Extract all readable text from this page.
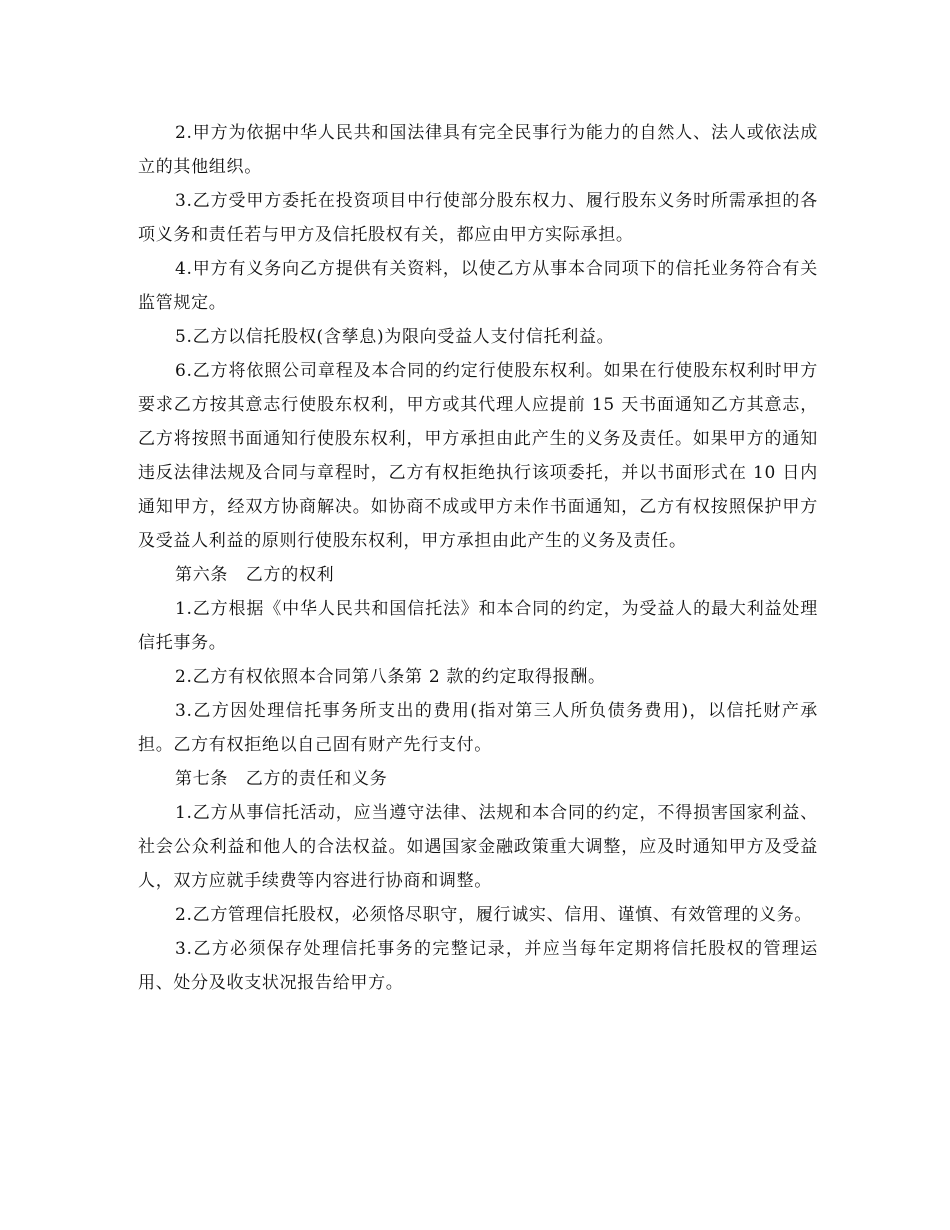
2.甲方为依据中华人民共和国法律具有完全民事行为能力的自然人、法人或依法成立的其他组织。

3.乙方受甲方委托在投资项目中行使部分股东权力、履行股东义务时所需承担的各项义务和责任若与甲方及信托股权有关，都应由甲方实际承担。

4.甲方有义务向乙方提供有关资料，以使乙方从事本合同项下的信托业务符合有关监管规定。

5.乙方以信托股权(含孳息)为限向受益人支付信托利益。

6.乙方将依照公司章程及本合同的约定行使股东权利。如果在行使股东权利时甲方要求乙方按其意志行使股东权利，甲方或其代理人应提前 15 天书面通知乙方其意志，乙方将按照书面通知行使股东权利，甲方承担由此产生的义务及责任。如果甲方的通知违反法律法规及合同与章程时，乙方有权拒绝执行该项委托，并以书面形式在 10 日内通知甲方，经双方协商解决。如协商不成或甲方未作书面通知，乙方有权按照保护甲方及受益人利益的原则行使股东权利，甲方承担由此产生的义务及责任。

第六条　乙方的权利

1.乙方根据《中华人民共和国信托法》和本合同的约定，为受益人的最大利益处理信托事务。

2.乙方有权依照本合同第八条第 2 款的约定取得报酬。

3.乙方因处理信托事务所支出的费用(指对第三人所负债务费用)，以信托财产承担。乙方有权拒绝以自己固有财产先行支付。

第七条　乙方的责任和义务

1.乙方从事信托活动，应当遵守法律、法规和本合同的约定，不得损害国家利益、社会公众利益和他人的合法权益。如遇国家金融政策重大调整，应及时通知甲方及受益人，双方应就手续费等内容进行协商和调整。

2.乙方管理信托股权，必须恪尽职守，履行诚实、信用、谨慎、有效管理的义务。

3.乙方必须保存处理信托事务的完整记录，并应当每年定期将信托股权的管理运用、处分及收支状况报告给甲方。
